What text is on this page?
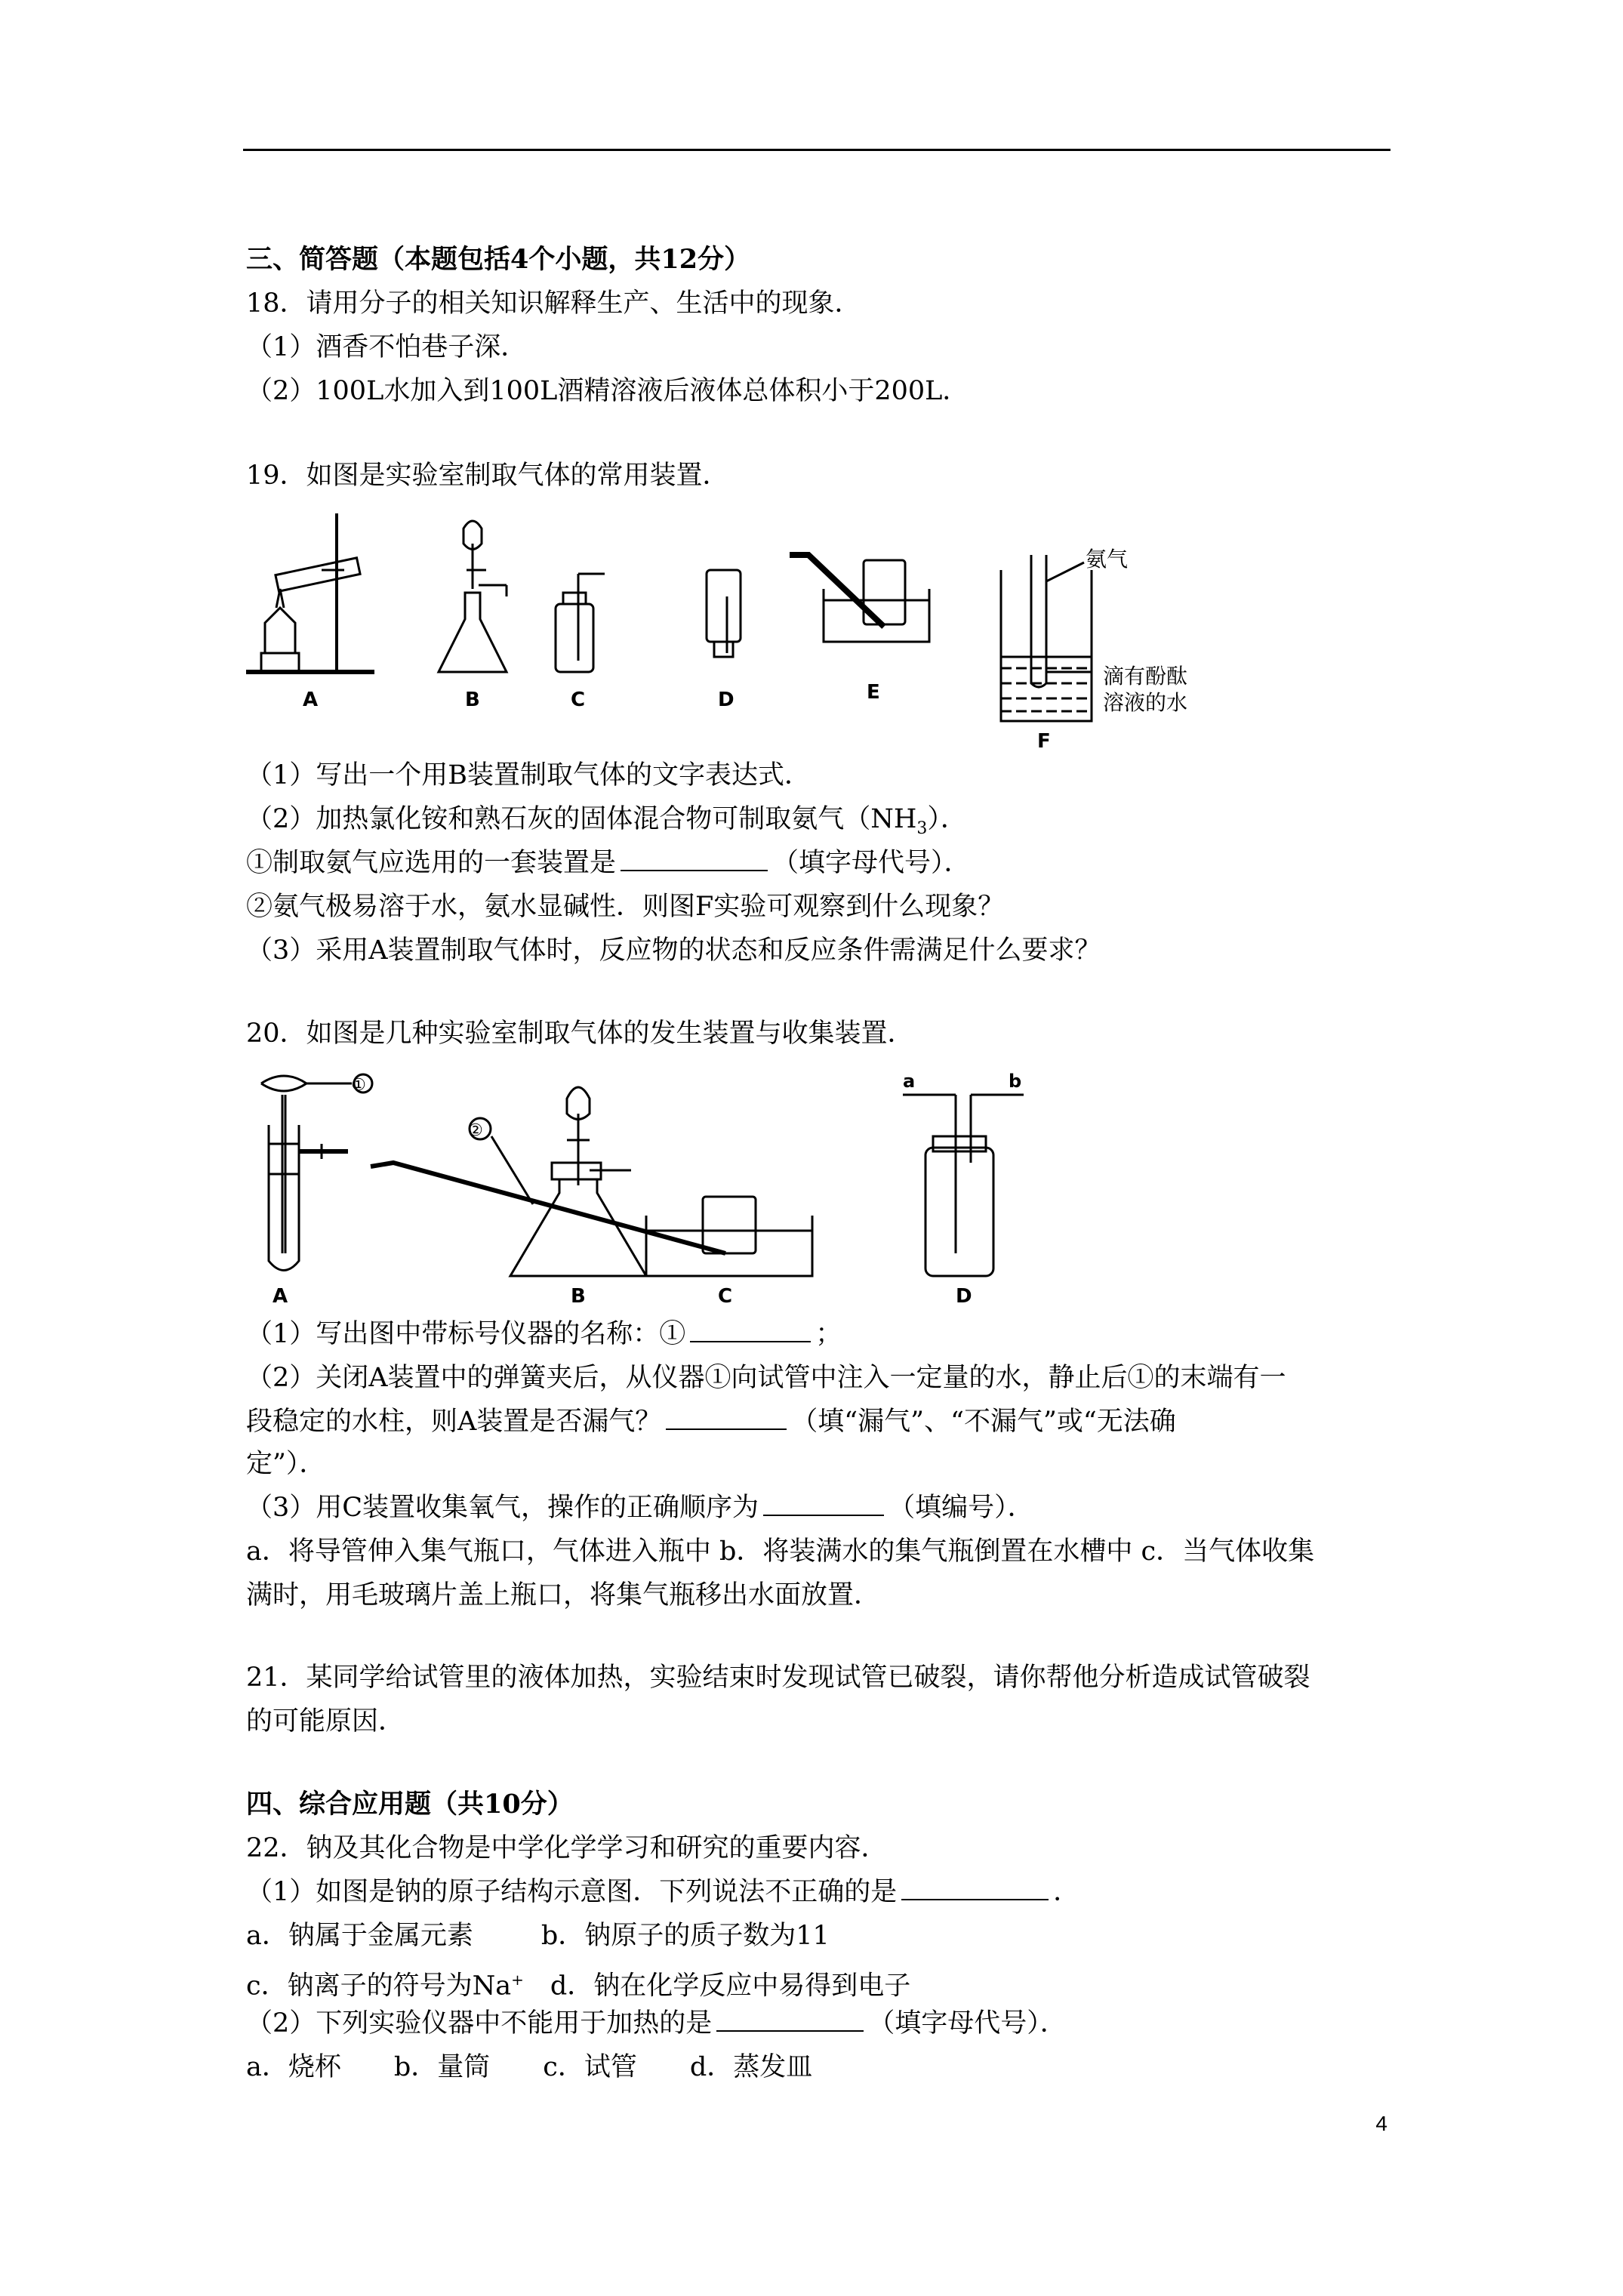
三、简答题（本题包括4个小题，共12分）
18．请用分子的相关知识解释生产、生活中的现象．
（1）酒香不怕巷子深．
（2）100L水加入到100L酒精溶液后液体总体积小于200L．
19．如图是实验室制取气体的常用装置．
A	B	C	D	E
F
氨气
滴有酚酞
溶液的水
（1）写出一个用B装置制取气体的文字表达式．
（2）加热氯化铵和熟石灰的固体混合物可制取氨气$(NH_3)$．
①制取氨气应选用的一套装置是	（填字母代号）．
②氨气极易溶于水，氨水显碱性．则图F实验可观察到什么现象？
（3）采用A装置制取气体时，反应物的状态和反应条件需满足什么要求？
20．如图是几种实验室制取气体的发生装置与收集装置．
①
②
a	b
A	B	C	D
（1）写出图中带标号仪器的名称：①	；
（2）关闭A装置中的弹簧夹后，从仪器①向试管中注入一定量的水，静止后①的末端有一
段稳定的水柱，则A装置是否漏气？	（填“漏气”、“不漏气”或“无法确
定”）．
（3）用C装置收集氧气，操作的正确顺序为	（填编号）．
a．将导管伸入集气瓶口，气体进入瓶中 b．将装满水的集气瓶倒置在水槽中 c．当气体收集
满时，用毛玻璃片盖上瓶口，将集气瓶移出水面放置．
21．某同学给试管里的液体加热，实验结束时发现试管已破裂，请你帮他分析造成试管破裂
的可能原因．
四、综合应用题（共10分）
22．钠及其化合物是中学化学学习和研究的重要内容．
（1）如图是钠的原子结构示意图．下列说法不正确的是	．
a．钠属于金属元素	b．钠原子的质子数为11
c．钠离子的符号为Na+　 d．钠在化学反应中易得到电子
（2）下列实验仪器中不能用于加热的是	（填字母代号）．
a．烧杯　　b．量筒　　c．试管　　d．蒸发皿
4
